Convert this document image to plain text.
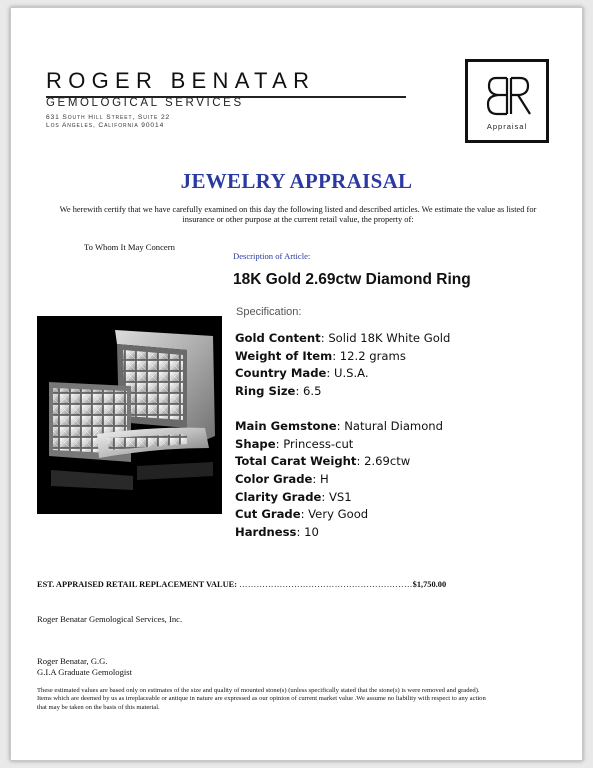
ROGER BENATAR
GEMOLOGICAL SERVICES
631 South Hill Street, Suite 22
Los Angeles, California 90014	Appraisal
JEWELRY APPRAISAL
We herewith certify that we have carefully examined on this day the following listed and described articles. We estimate the value as listed for insurance or other purpose at the current retail value, the property of:
To Whom It May Concern
Description of Article:
18K Gold 2.69ctw Diamond Ring
Specification:
Gold Content: Solid 18K White Gold
Weight of Item: 12.2 grams
Country Made: U.S.A.
Ring Size: 6.5
Main Gemstone: Natural Diamond
Shape: Princess-cut
Total Carat Weight: 2.69ctw
Color Grade: H
Clarity Grade: VS1
Cut Grade: Very Good
Hardness: 10
EST. APPRAISED RETAIL REPLACEMENT VALUE: ……………………………………………………$1,750.00
Roger Benatar Gemological Services, Inc.
Roger Benatar, G.G.
G.I.A Graduate Gemologist
These estimated values are based only on estimates of the size and quality of mounted stone(s) (unless specifically stated that the stone(s) is were removed and graded). Items which are deemed by us as irreplaceable or antique in nature are expressed as our opinion of current market value .We assume no liability with respect to any action that may be taken on the basis of this material.
